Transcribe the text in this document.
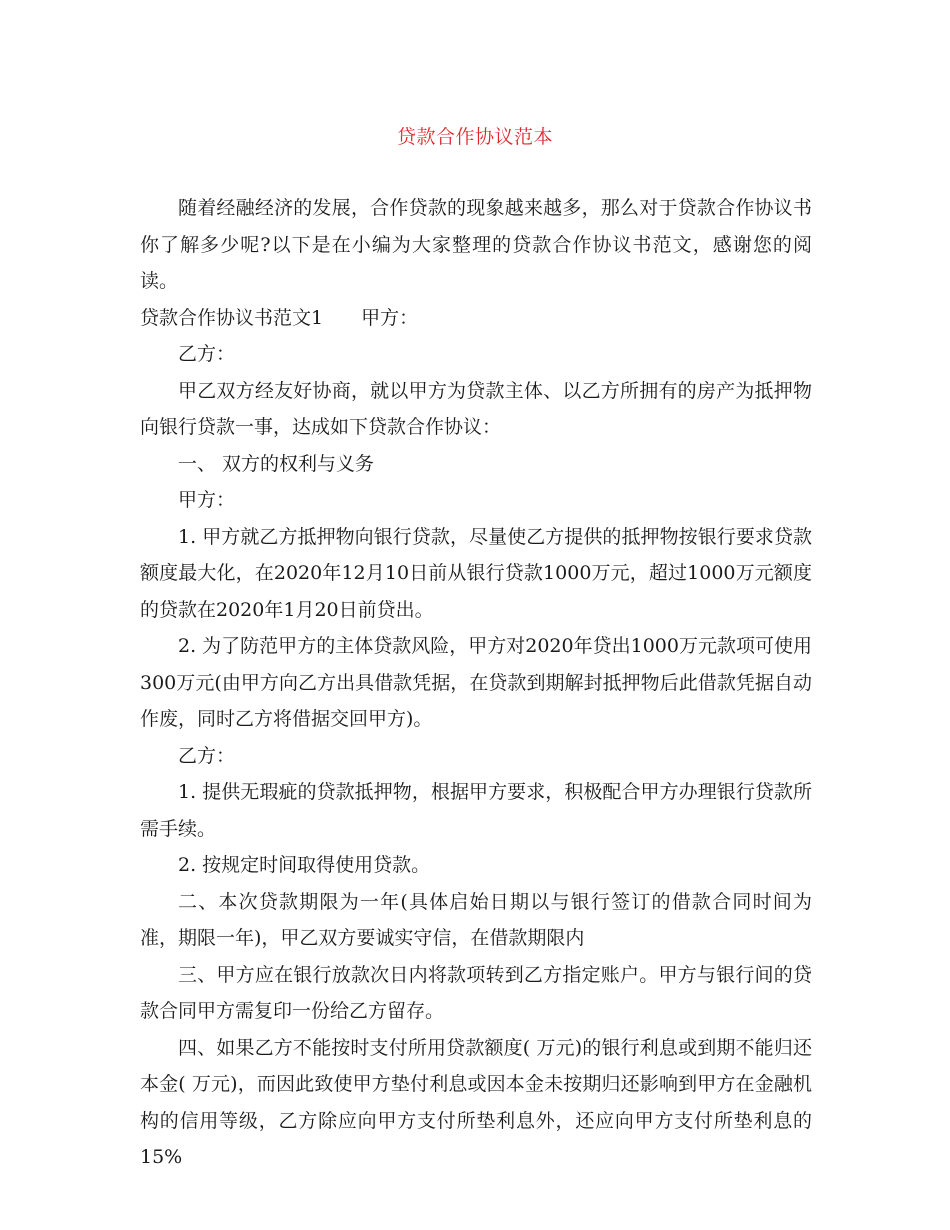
贷款合作协议范本

随着经融经济的发展，合作贷款的现象越来越多，那么对于贷款合作协议书你了解多少呢?以下是在小编为大家整理的贷款合作协议书范文，感谢您的阅读。

贷款合作协议书范文1 甲方：

乙方：

甲乙双方经友好协商，就以甲方为贷款主体、以乙方所拥有的房产为抵押物向银行贷款一事，达成如下贷款合作协议：

一、 双方的权利与义务

甲方：

1. 甲方就乙方抵押物向银行贷款，尽量使乙方提供的抵押物按银行要求贷款额度最大化，在2020年12月10日前从银行贷款1000万元，超过1000万元额度的贷款在2020年1月20日前贷出。

2. 为了防范甲方的主体贷款风险，甲方对2020年贷出1000万元款项可使用300万元(由甲方向乙方出具借款凭据，在贷款到期解封抵押物后此借款凭据自动作废，同时乙方将借据交回甲方)。

乙方：

1. 提供无瑕疵的贷款抵押物，根据甲方要求，积极配合甲方办理银行贷款所需手续。

2. 按规定时间取得使用贷款。

二、本次贷款期限为一年(具体启始日期以与银行签订的借款合同时间为准，期限一年)，甲乙双方要诚实守信，在借款期限内

三、甲方应在银行放款次日内将款项转到乙方指定账户。甲方与银行间的贷款合同甲方需复印一份给乙方留存。

四、如果乙方不能按时支付所用贷款额度( 万元)的银行利息或到期不能归还本金( 万元)，而因此致使甲方垫付利息或因本金未按期归还影响到甲方在金融机构的信用等级，乙方除应向甲方支付所垫利息外，还应向甲方支付所垫利息的15%
